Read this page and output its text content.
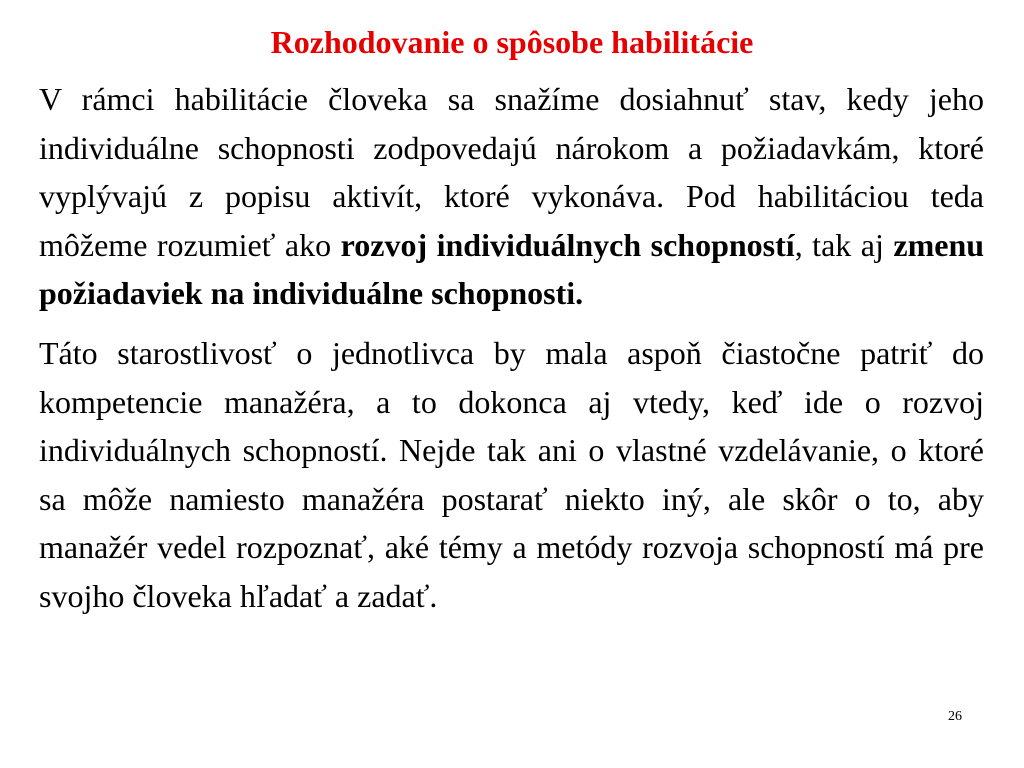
Rozhodovanie o spôsobe habilitácie

V rámci habilitácie človeka sa snažíme dosiahnuť stav, kedy jeho individuálne schopnosti zodpovedajú nárokom a požiadavkám, ktoré vyplývajú z popisu aktivít, ktoré vykonáva. Pod habilitáciou teda môžeme rozumieť ako rozvoj individuálnych schopností, tak aj zmenu požiadaviek na individuálne schopnosti.

Táto starostlivosť o jednotlivca by mala aspoň čiastočne patriť do kompetencie manažéra, a to dokonca aj vtedy, keď ide o rozvoj individuálnych schopností. Nejde tak ani o vlastné vzdelávanie, o ktoré sa môže namiesto manažéra postarať niekto iný, ale skôr o to, aby manažér vedel rozpoznať, aké témy a metódy rozvoja schopností má pre svojho človeka hľadať a zadať.

26
